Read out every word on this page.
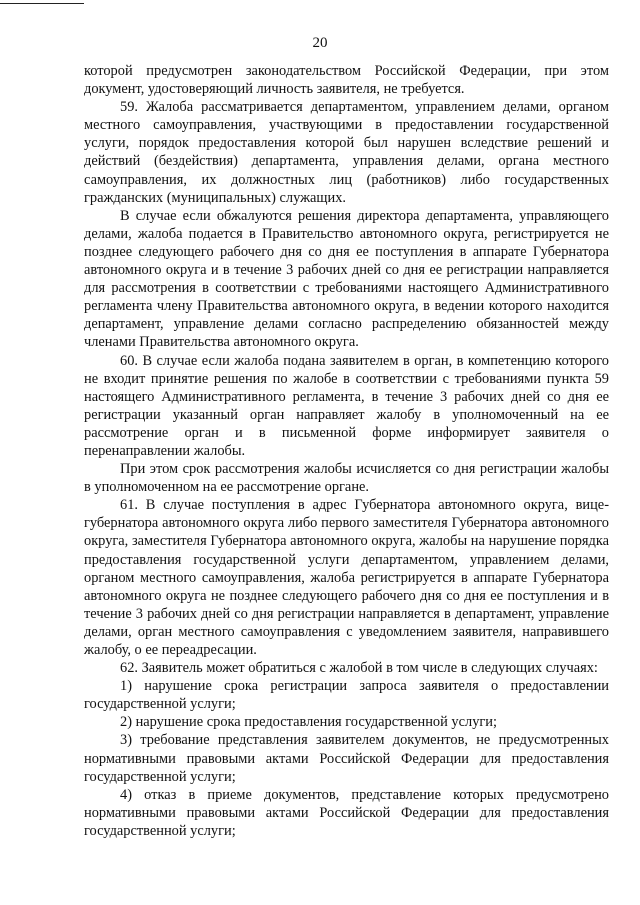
20

которой предусмотрен законодательством Российской Федерации, при этом документ, удостоверяющий личность заявителя, не требуется.

59. Жалоба рассматривается департаментом, управлением делами, органом местного самоуправления, участвующими в предоставлении государственной услуги, порядок предоставления которой был нарушен вследствие решений и действий (бездействия) департамента, управления делами, органа местного самоуправления, их должностных лиц (работников) либо государственных гражданских (муниципальных) служащих.

В случае если обжалуются решения директора департамента, управляющего делами, жалоба подается в Правительство автономного округа, регистрируется не позднее следующего рабочего дня со дня ее поступления в аппарате Губернатора автономного округа и в течение 3 рабочих дней со дня ее регистрации направляется для рассмотрения в соответствии с требованиями настоящего Административного регламента члену Правительства автономного округа, в ведении которого находится департамент, управление делами согласно распределению обязанностей между членами Правительства автономного округа.

60. В случае если жалоба подана заявителем в орган, в компетенцию которого не входит принятие решения по жалобе в соответствии с требованиями пункта 59 настоящего Административного регламента, в течение 3 рабочих дней со дня ее регистрации указанный орган направляет жалобу в уполномоченный на ее рассмотрение орган и в письменной форме информирует заявителя о перенаправлении жалобы.

При этом срок рассмотрения жалобы исчисляется со дня регистрации жалобы в уполномоченном на ее рассмотрение органе.

61. В случае поступления в адрес Губернатора автономного округа, вице-губернатора автономного округа либо первого заместителя Губернатора автономного округа, заместителя Губернатора автономного округа, жалобы на нарушение порядка предоставления государственной услуги департаментом, управлением делами, органом местного самоуправления, жалоба регистрируется в аппарате Губернатора автономного округа не позднее следующего рабочего дня со дня ее поступления и в течение 3 рабочих дней со дня регистрации направляется в департамент, управление делами, орган местного самоуправления с уведомлением заявителя, направившего жалобу, о ее переадресации.

62. Заявитель может обратиться с жалобой в том числе в следующих случаях:

1) нарушение срока регистрации запроса заявителя о предоставлении государственной услуги;

2) нарушение срока предоставления государственной услуги;

3) требование представления заявителем документов, не предусмотренных нормативными правовыми актами Российской Федерации для предоставления государственной услуги;

4) отказ в приеме документов, представление которых предусмотрено нормативными правовыми актами Российской Федерации для предоставления государственной услуги;
